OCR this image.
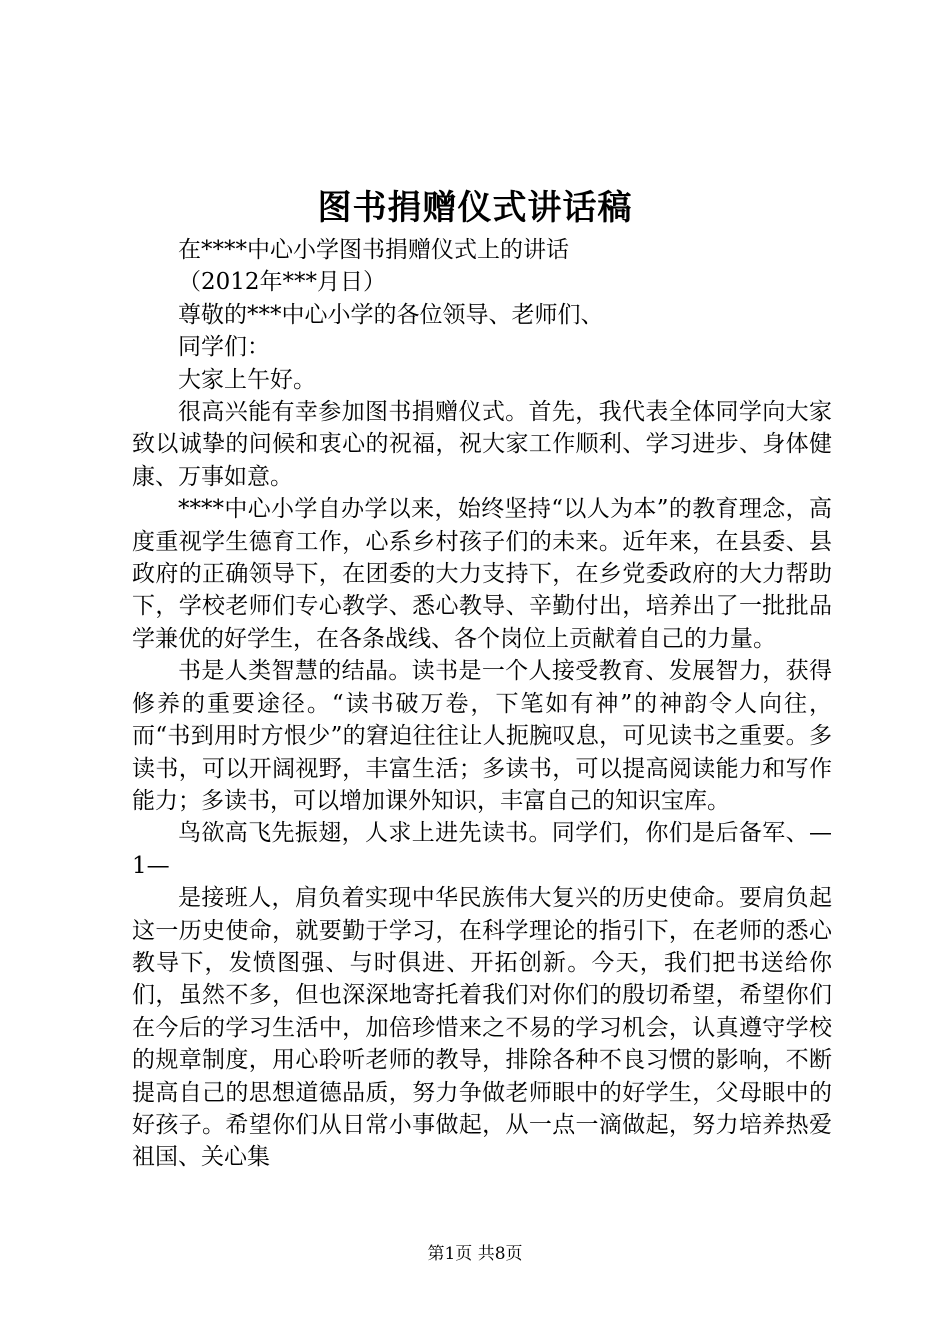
图书捐赠仪式讲话稿

在****中心小学图书捐赠仪式上的讲话

（2012年***月日）

尊敬的***中心小学的各位领导、老师们、

同学们：

大家上午好。

很高兴能有幸参加图书捐赠仪式。首先，我代表全体同学向大家致以诚挚的问候和衷心的祝福，祝大家工作顺利、学习进步、身体健康、万事如意。

****中心小学自办学以来，始终坚持“以人为本”的教育理念，高度重视学生德育工作，心系乡村孩子们的未来。近年来，在县委、县政府的正确领导下，在团委的大力支持下，在乡党委政府的大力帮助下，学校老师们专心教学、悉心教导、辛勤付出，培养出了一批批品学兼优的好学生，在各条战线、各个岗位上贡献着自己的力量。

书是人类智慧的结晶。读书是一个人接受教育、发展智力，获得修养的重要途径。“读书破万卷，下笔如有神”的神韵令人向往，而“书到用时方恨少”的窘迫往往让人扼腕叹息，可见读书之重要。多读书，可以开阔视野，丰富生活；多读书，可以提高阅读能力和写作能力；多读书，可以增加课外知识，丰富自己的知识宝库。

鸟欲高飞先振翅，人求上进先读书。同学们，你们是后备军、—1—

是接班人，肩负着实现中华民族伟大复兴的历史使命。要肩负起这一历史使命，就要勤于学习，在科学理论的指引下，在老师的悉心教导下，发愤图强、与时俱进、开拓创新。今天，我们把书送给你们，虽然不多，但也深深地寄托着我们对你们的殷切希望，希望你们在今后的学习生活中，加倍珍惜来之不易的学习机会，认真遵守学校的规章制度，用心聆听老师的教导，排除各种不良习惯的影响，不断提高自己的思想道德品质，努力争做老师眼中的好学生，父母眼中的好孩子。希望你们从日常小事做起，从一点一滴做起，努力培养热爱祖国、关心集

第1页 共8页
